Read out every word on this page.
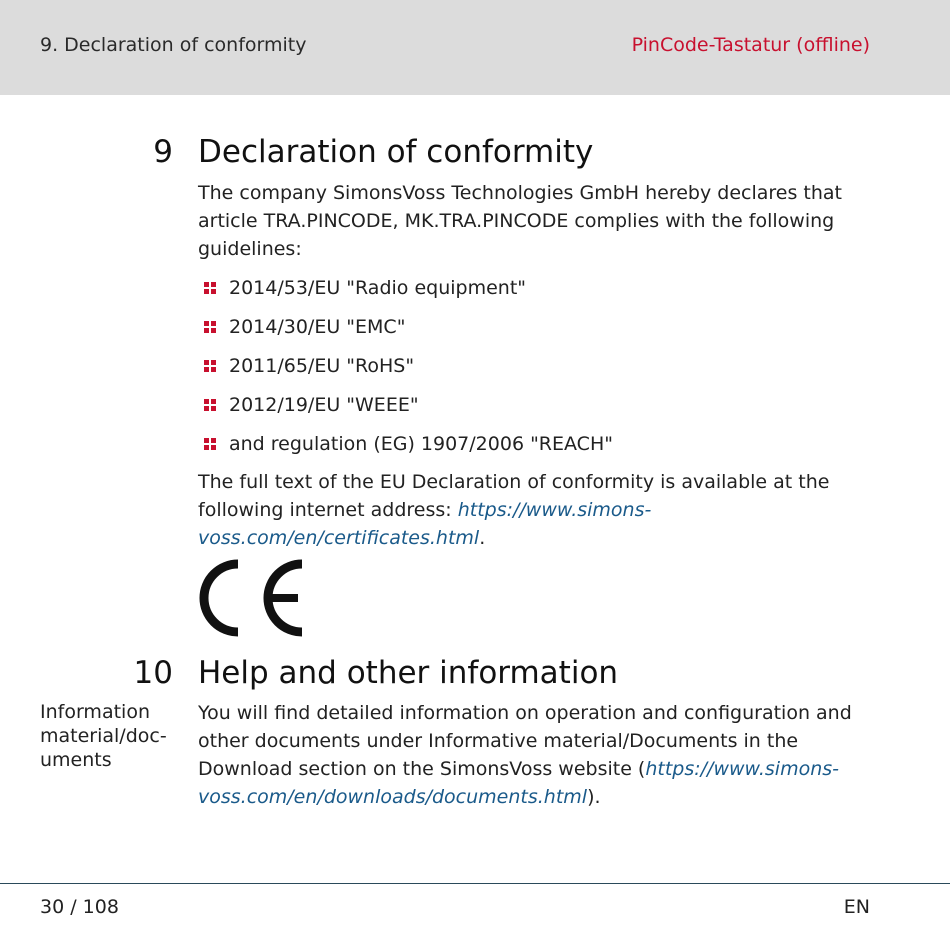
9. Declaration of conformity	PinCode-Tastatur (offline)
9 Declaration of conformity
The company SimonsVoss Technologies GmbH hereby declares that article TRA.PINCODE, MK.TRA.PINCODE complies with the following guidelines:
2014/53/EU "Radio equipment"
2014/30/EU "EMC"
2011/65/EU "RoHS"
2012/19/EU "WEEE"
and regulation (EG) 1907/2006 "REACH"
The full text of the EU Declaration of conformity is available at the following internet address: https://www.simons-voss.com/en/certificates.html.
10 Help and other information
Information material/doc-uments
You will find detailed information on operation and configuration and other documents under Informative material/Documents in the Download section on the SimonsVoss website (https://www.simons-voss.com/en/downloads/documents.html).
30 / 108	EN
